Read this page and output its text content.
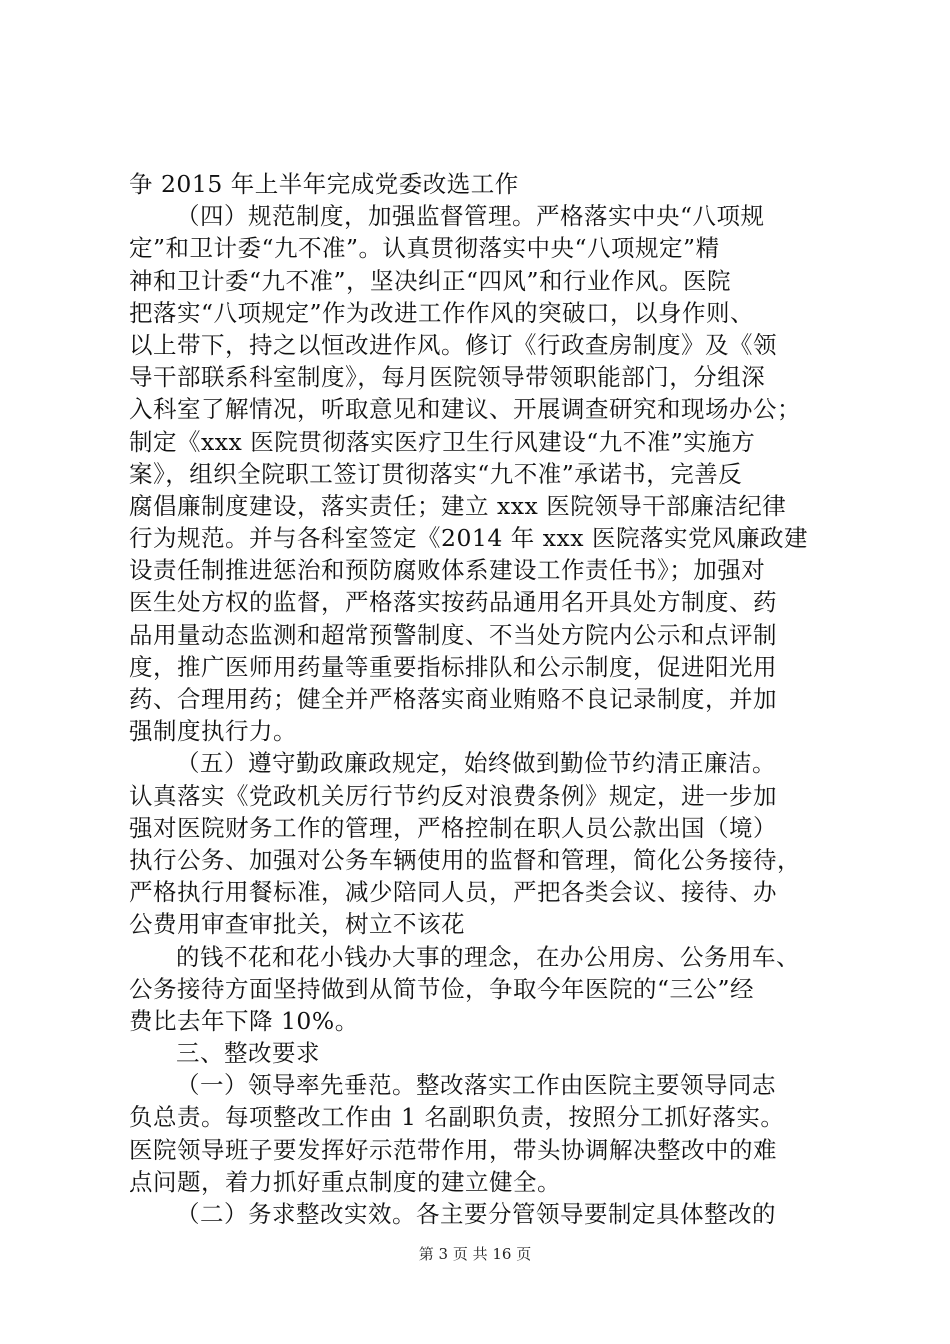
争 2015 年上半年完成党委改选工作
（四）规范制度，加强监督管理。严格落实中央“八项规
定”和卫计委“九不准”。认真贯彻落实中央“八项规定”精
神和卫计委“九不准”，坚决纠正“四风”和行业作风。医院
把落实“八项规定”作为改进工作作风的突破口，以身作则、
以上带下，持之以恒改进作风。修订《行政查房制度》及《领
导干部联系科室制度》，每月医院领导带领职能部门，分组深
入科室了解情况，听取意见和建议、开展调查研究和现场办公；
制定《xxx 医院贯彻落实医疗卫生行风建设“九不准”实施方
案》，组织全院职工签订贯彻落实“九不准”承诺书，完善反
腐倡廉制度建设，落实责任；建立 xxx 医院领导干部廉洁纪律
行为规范。并与各科室签定《2014 年 xxx 医院落实党风廉政建
设责任制推进惩治和预防腐败体系建设工作责任书》；加强对
医生处方权的监督，严格落实按药品通用名开具处方制度、药
品用量动态监测和超常预警制度、不当处方院内公示和点评制
度，推广医师用药量等重要指标排队和公示制度，促进阳光用
药、合理用药；健全并严格落实商业贿赂不良记录制度，并加
强制度执行力。
（五）遵守勤政廉政规定，始终做到勤俭节约清正廉洁。
认真落实《党政机关厉行节约反对浪费条例》规定，进一步加
强对医院财务工作的管理，严格控制在职人员公款出国（境）
执行公务、加强对公务车辆使用的监督和管理，简化公务接待，
严格执行用餐标准，减少陪同人员，严把各类会议、接待、办
公费用审查审批关，树立不该花
的钱不花和花小钱办大事的理念，在办公用房、公务用车、
公务接待方面坚持做到从简节俭，争取今年医院的“三公”经
费比去年下降 10%。
三、整改要求
（一）领导率先垂范。整改落实工作由医院主要领导同志
负总责。每项整改工作由 1 名副职负责，按照分工抓好落实。
医院领导班子要发挥好示范带作用，带头协调解决整改中的难
点问题，着力抓好重点制度的建立健全。
（二）务求整改实效。各主要分管领导要制定具体整改的
第 3 页 共 16 页
